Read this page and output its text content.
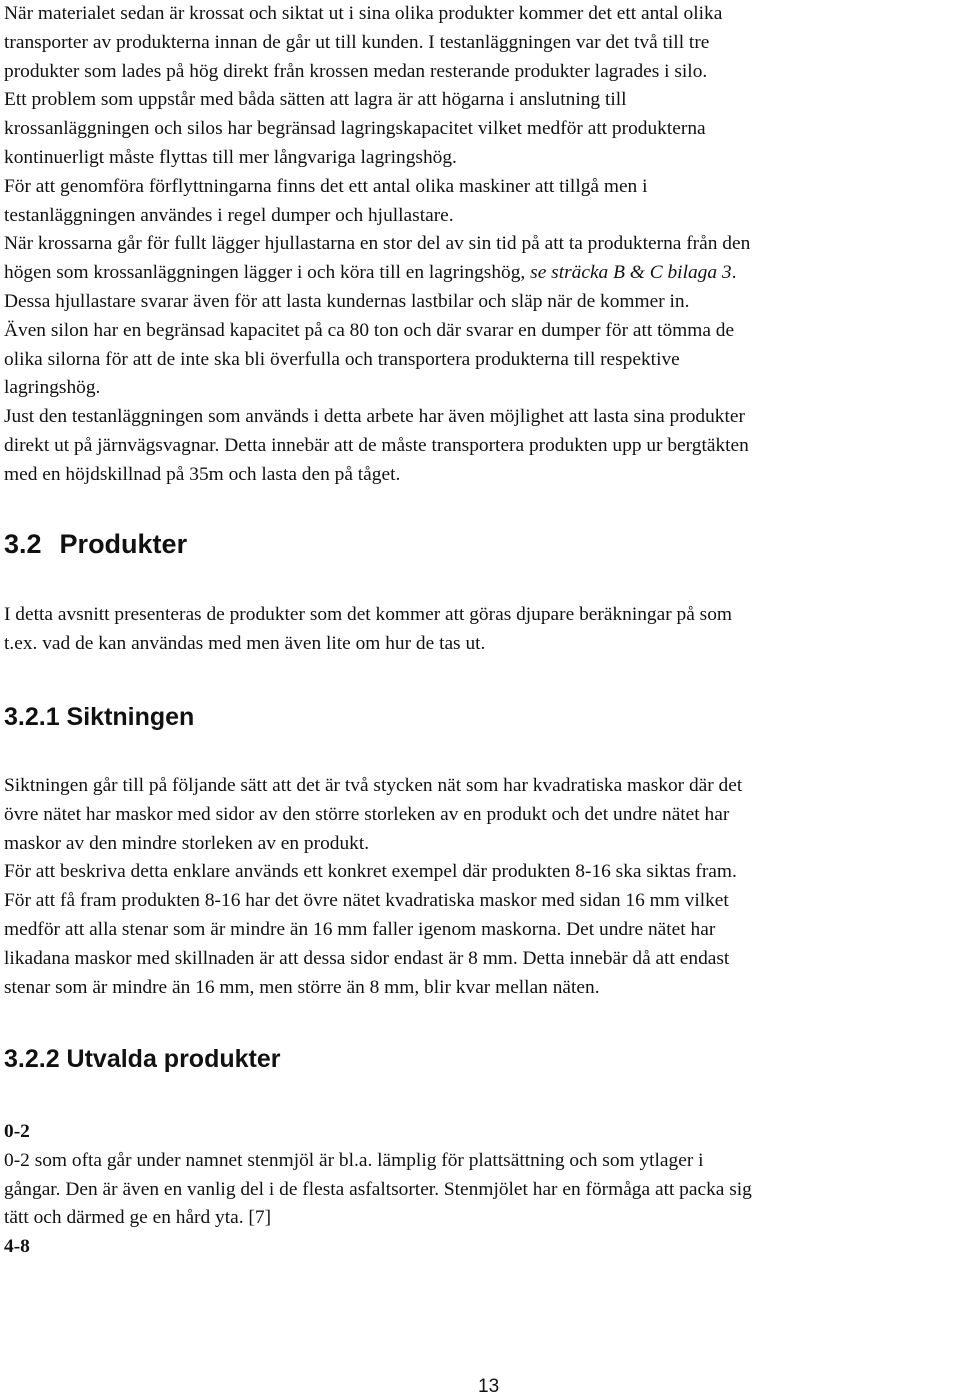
När materialet sedan är krossat och siktat ut i sina olika produkter kommer det ett antal olika
transporter av produkterna innan de går ut till kunden. I testanläggningen var det två till tre
produkter som lades på hög direkt från krossen medan resterande produkter lagrades i silo.
Ett problem som uppstår med båda sätten att lagra är att högarna i anslutning till
krossanläggningen och silos har begränsad lagringskapacitet vilket medför att produkterna
kontinuerligt måste flyttas till mer långvariga lagringshög.
För att genomföra förflyttningarna finns det ett antal olika maskiner att tillgå men i
testanläggningen användes i regel dumper och hjullastare.
När krossarna går för fullt lägger hjullastarna en stor del av sin tid på att ta produkterna från den
högen som krossanläggningen lägger i och köra till en lagringshög, se sträcka B & C bilaga 3.
Dessa hjullastare svarar även för att lasta kundernas lastbilar och släp när de kommer in.
Även silon har en begränsad kapacitet på ca 80 ton och där svarar en dumper för att tömma de
olika silorna för att de inte ska bli överfulla och transportera produkterna till respektive
lagringshög.
Just den testanläggningen som används i detta arbete har även möjlighet att lasta sina produkter
direkt ut på järnvägsvagnar. Detta innebär att de måste transportera produkten upp ur bergtäkten
med en höjdskillnad på 35m och lasta den på tåget.
3.2 Produkter
I detta avsnitt presenteras de produkter som det kommer att göras djupare beräkningar på som
t.ex. vad de kan användas med men även lite om hur de tas ut.
3.2.1 Siktningen
Siktningen går till på följande sätt att det är två stycken nät som har kvadratiska maskor där det
övre nätet har maskor med sidor av den större storleken av en produkt och det undre nätet har
maskor av den mindre storleken av en produkt.
För att beskriva detta enklare används ett konkret exempel där produkten 8-16 ska siktas fram.
För att få fram produkten 8-16 har det övre nätet kvadratiska maskor med sidan 16 mm vilket
medför att alla stenar som är mindre än 16 mm faller igenom maskorna. Det undre nätet har
likadana maskor med skillnaden är att dessa sidor endast är 8 mm. Detta innebär då att endast
stenar som är mindre än 16 mm, men större än 8 mm, blir kvar mellan näten.
3.2.2 Utvalda produkter

0-2

0-2 som ofta går under namnet stenmjöl är bl.a. lämplig för plattsättning och som ytlager i
gångar. Den är även en vanlig del i de flesta asfaltsorter. Stenmjölet har en förmåga att packa sig
tätt och därmed ge en hård yta. [7]

4-8

13
